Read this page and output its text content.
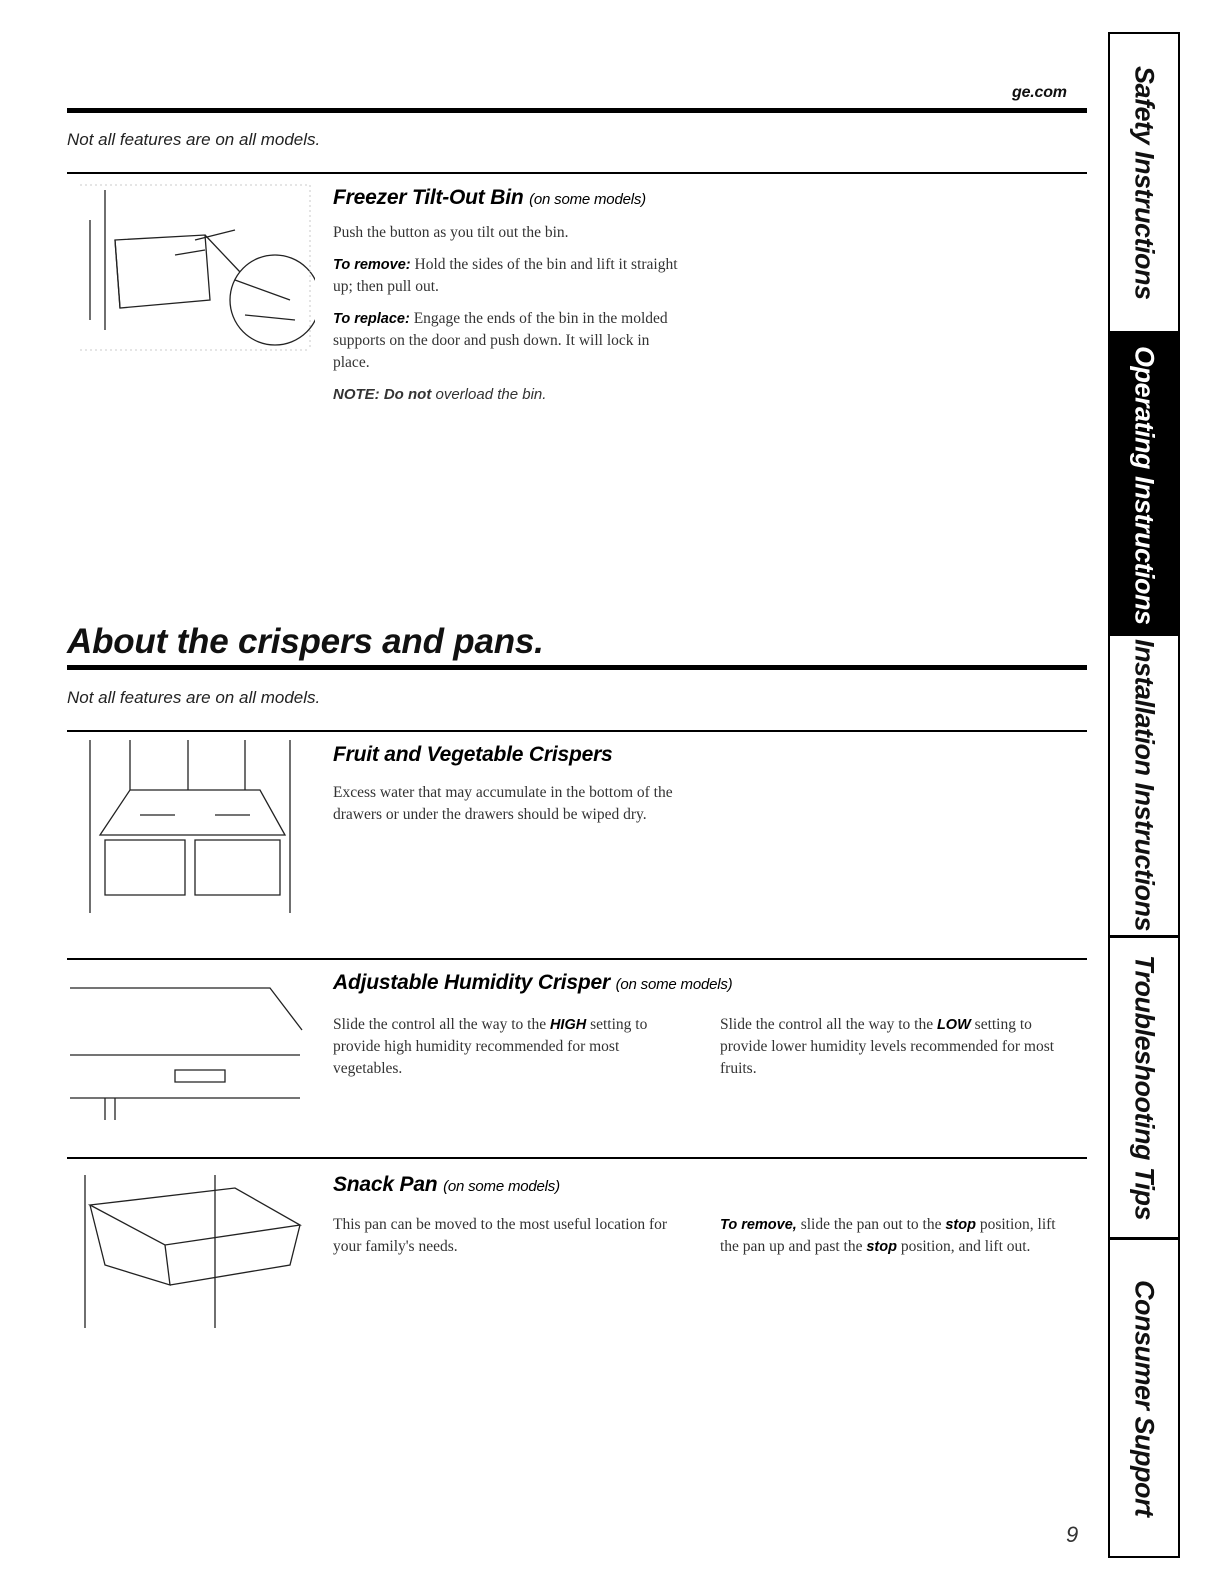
ge.com
Not all features are on all models.
Freezer Tilt-Out Bin (on some models)
Push the button as you tilt out the bin.
To remove: Hold the sides of the bin and lift it straight up; then pull out.
To replace: Engage the ends of the bin in the molded supports on the door and push down. It will lock in place.
NOTE: Do not overload the bin.
About the crispers and pans.
Not all features are on all models.
Fruit and Vegetable Crispers
Excess water that may accumulate in the bottom of the drawers or under the drawers should be wiped dry.
Adjustable Humidity Crisper (on some models)
Slide the control all the way to the HIGH setting to provide high humidity recommended for most vegetables.
Slide the control all the way to the LOW setting to provide lower humidity levels recommended for most fruits.
Snack Pan (on some models)
This pan can be moved to the most useful location for your family's needs.
To remove, slide the pan out to the stop position, lift the pan up and past the stop position, and lift out.
9
Safety Instructions
Operating Instructions
Installation Instructions
Troubleshooting Tips
Consumer Support
